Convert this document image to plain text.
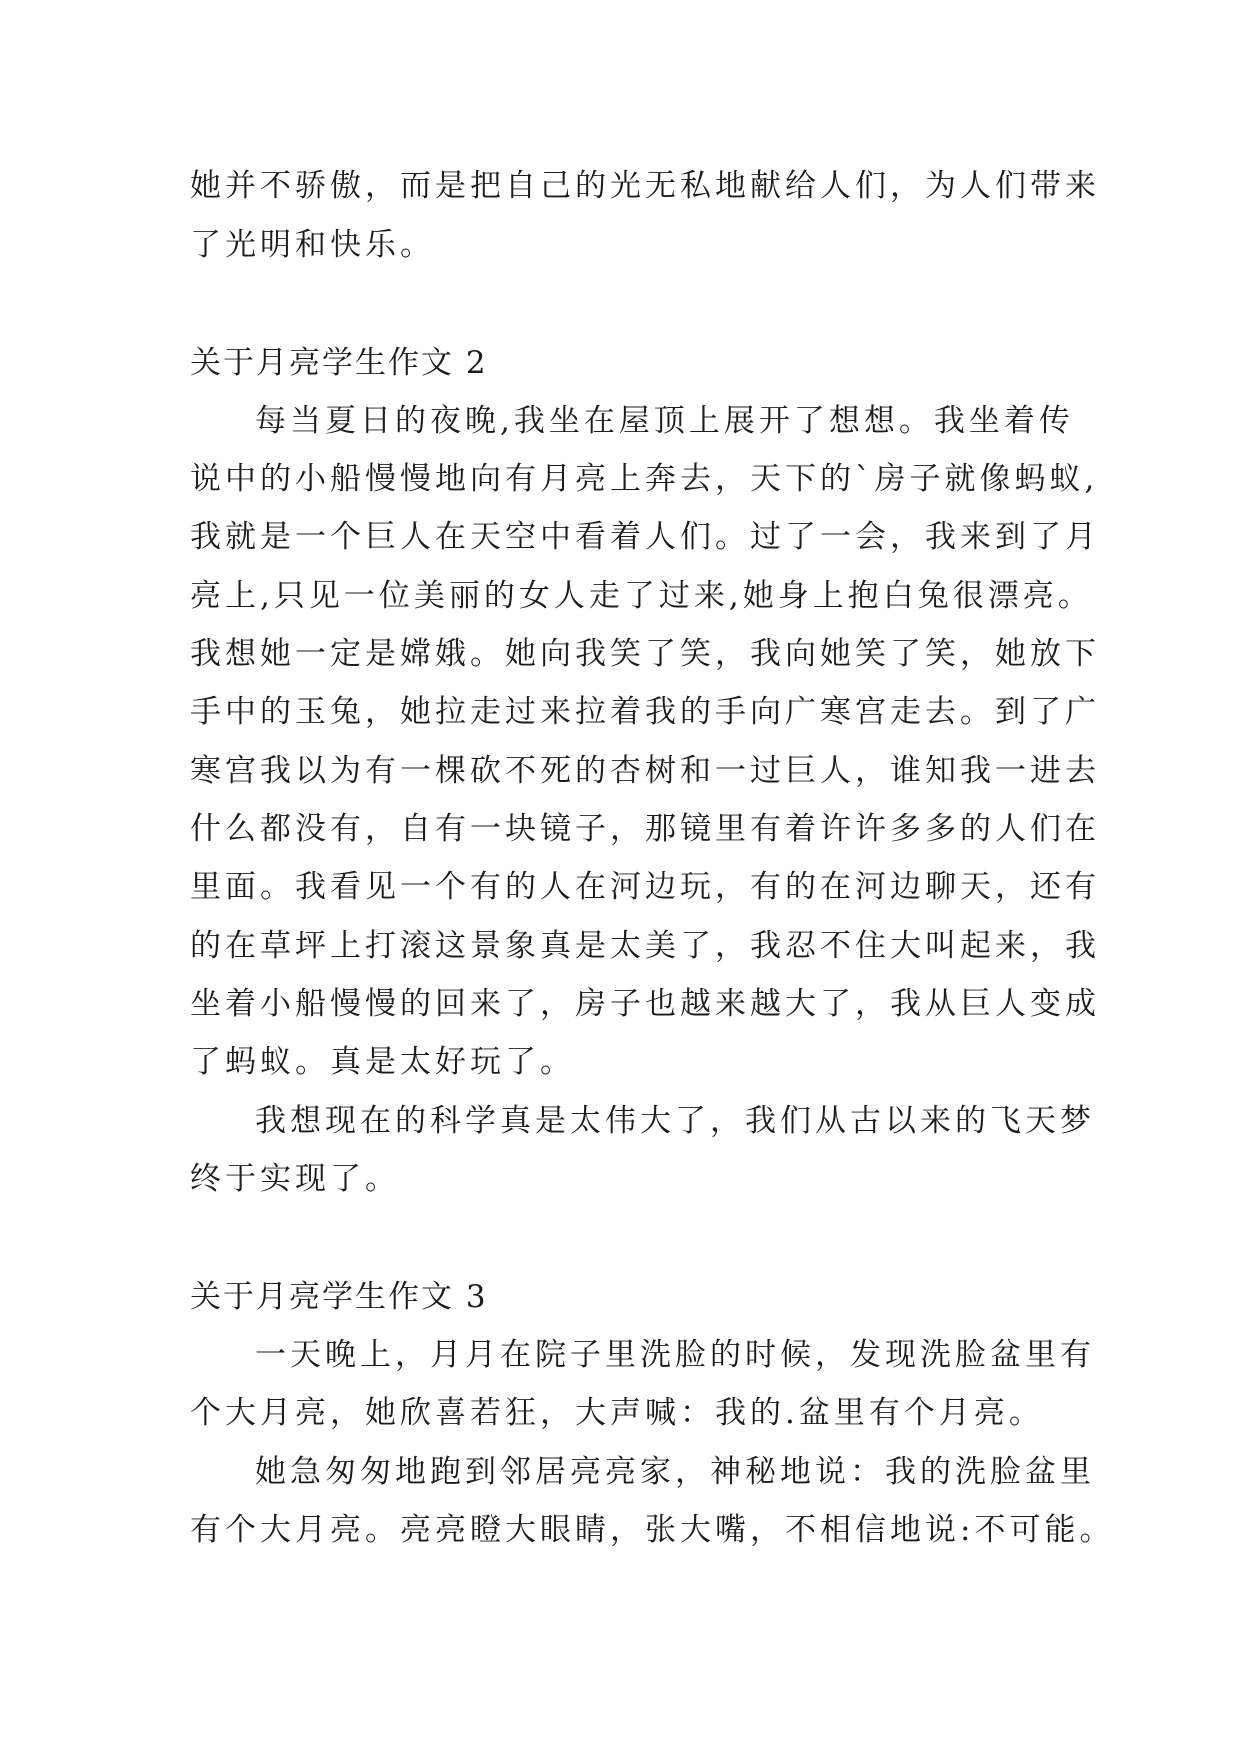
她并不骄傲，而是把自己的光无私地献给人们，为人们带来
了光明和快乐。
关于月亮学生作文 2
每当夏日的夜晚,我坐在屋顶上展开了想想。我坐着传
说中的小船慢慢地向有月亮上奔去，天下的`房子就像蚂蚁,
我就是一个巨人在天空中看着人们。过了一会，我来到了月
亮上,只见一位美丽的女人走了过来,她身上抱白兔很漂亮。
我想她一定是嫦娥。她向我笑了笑，我向她笑了笑，她放下
手中的玉兔，她拉走过来拉着我的手向广寒宫走去。到了广
寒宫我以为有一棵砍不死的杏树和一过巨人，谁知我一进去
什么都没有，自有一块镜子，那镜里有着许许多多的人们在
里面。我看见一个有的人在河边玩，有的在河边聊天，还有
的在草坪上打滚这景象真是太美了，我忍不住大叫起来，我
坐着小船慢慢的回来了，房子也越来越大了，我从巨人变成
了蚂蚁。真是太好玩了。
我想现在的科学真是太伟大了，我们从古以来的飞天梦
终于实现了。
关于月亮学生作文 3
一天晚上，月月在院子里洗脸的时候，发现洗脸盆里有
个大月亮，她欣喜若狂，大声喊：我的.盆里有个月亮。
她急匆匆地跑到邻居亮亮家，神秘地说：我的洗脸盆里
有个大月亮。亮亮瞪大眼睛，张大嘴，不相信地说:不可能。
